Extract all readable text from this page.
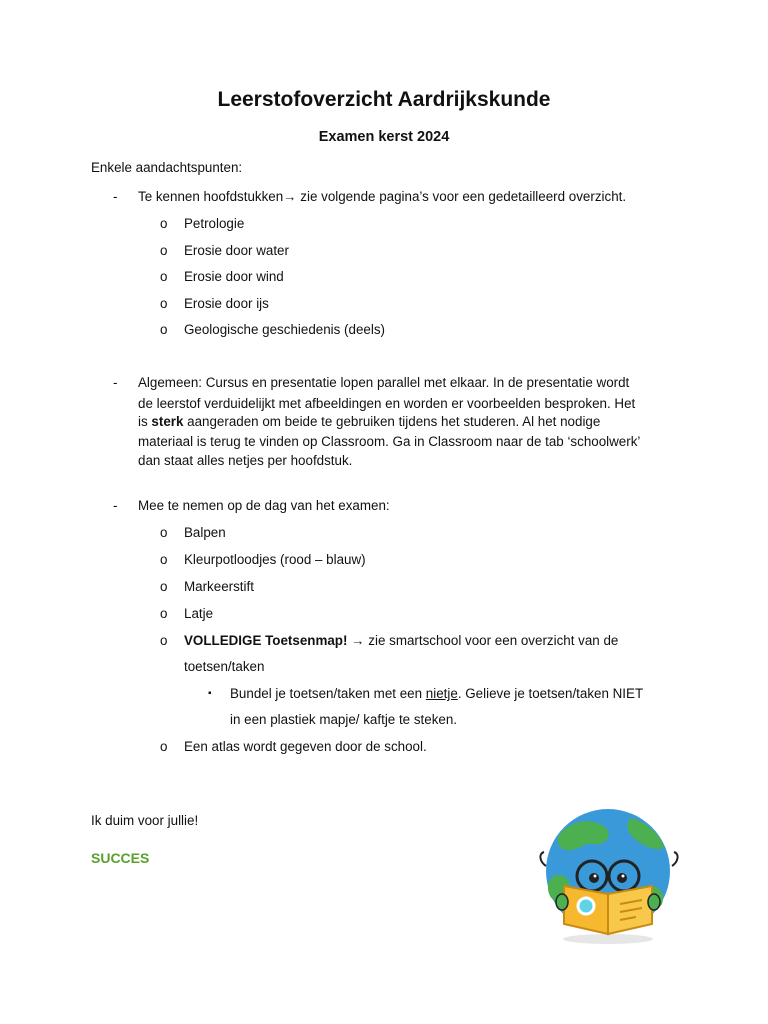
Leerstofoverzicht Aardrijkskunde
Examen kerst 2024
Enkele aandachtspunten:
- Te kennen hoofdstukken→ zie volgende pagina’s voor een gedetailleerd overzicht.
o Petrologie
o Erosie door water
o Erosie door wind
o Erosie door ijs
o Geologische geschiedenis (deels)
- Algemeen: Cursus en presentatie lopen parallel met elkaar. In de presentatie wordt
de leerstof verduidelijkt met afbeeldingen en worden er voorbeelden besproken. Het
is sterk aangeraden om beide te gebruiken tijdens het studeren. Al het nodige
materiaal is terug te vinden op Classroom. Ga in Classroom naar de tab ‘schoolwerk’
dan staat alles netjes per hoofdstuk.
- Mee te nemen op de dag van het examen:
o Balpen
o Kleurpotloodjes (rood – blauw)
o Markeerstift
o Latje
o VOLLEDIGE Toetsenmap! → zie smartschool voor een overzicht van de
toetsen/taken
▪ Bundel je toetsen/taken met een nietje. Gelieve je toetsen/taken NIET
in een plastiek mapje/ kaftje te steken.
o Een atlas wordt gegeven door de school.
Ik duim voor jullie!
SUCCES
